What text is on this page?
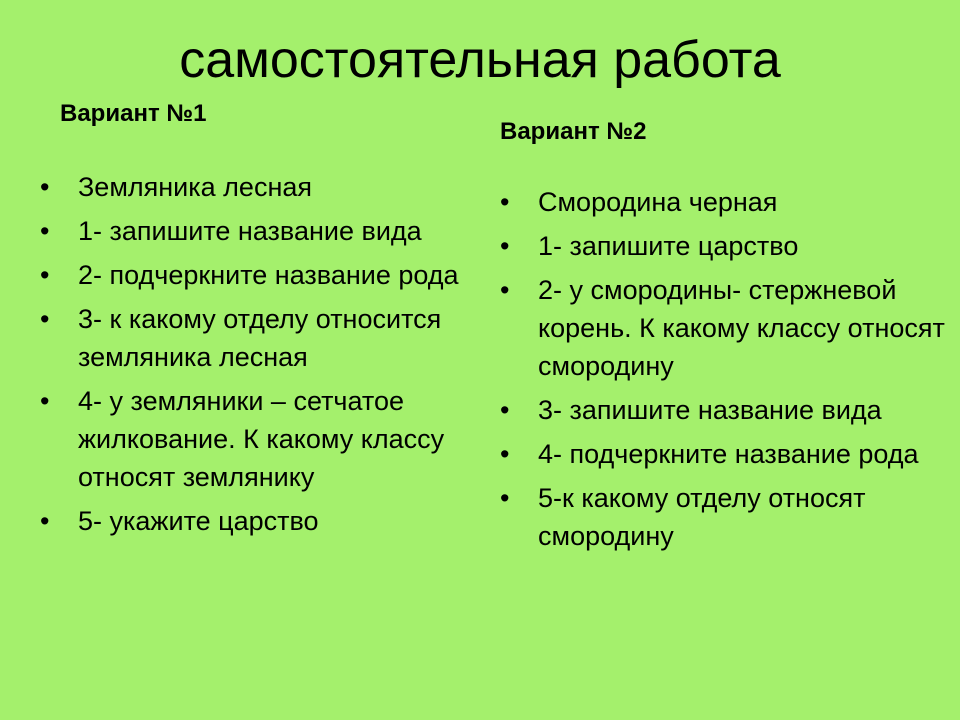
самостоятельная работа
Вариант №1
•	Земляника лесная
•	1- запишите название вида
•	2- подчеркните название рода
•	3- к какому отделу относится земляника лесная
•	4- у земляники – сетчатое жилкование. К какому классу относят землянику
•	5- укажите царство
Вариант №2
•	Смородина черная
•	1- запишите царство
•	2- у смородины- стержневой корень. К какому классу относят смородину
•	3- запишите название вида
•	4- подчеркните название рода
•	5-к какому отделу относят смородину
